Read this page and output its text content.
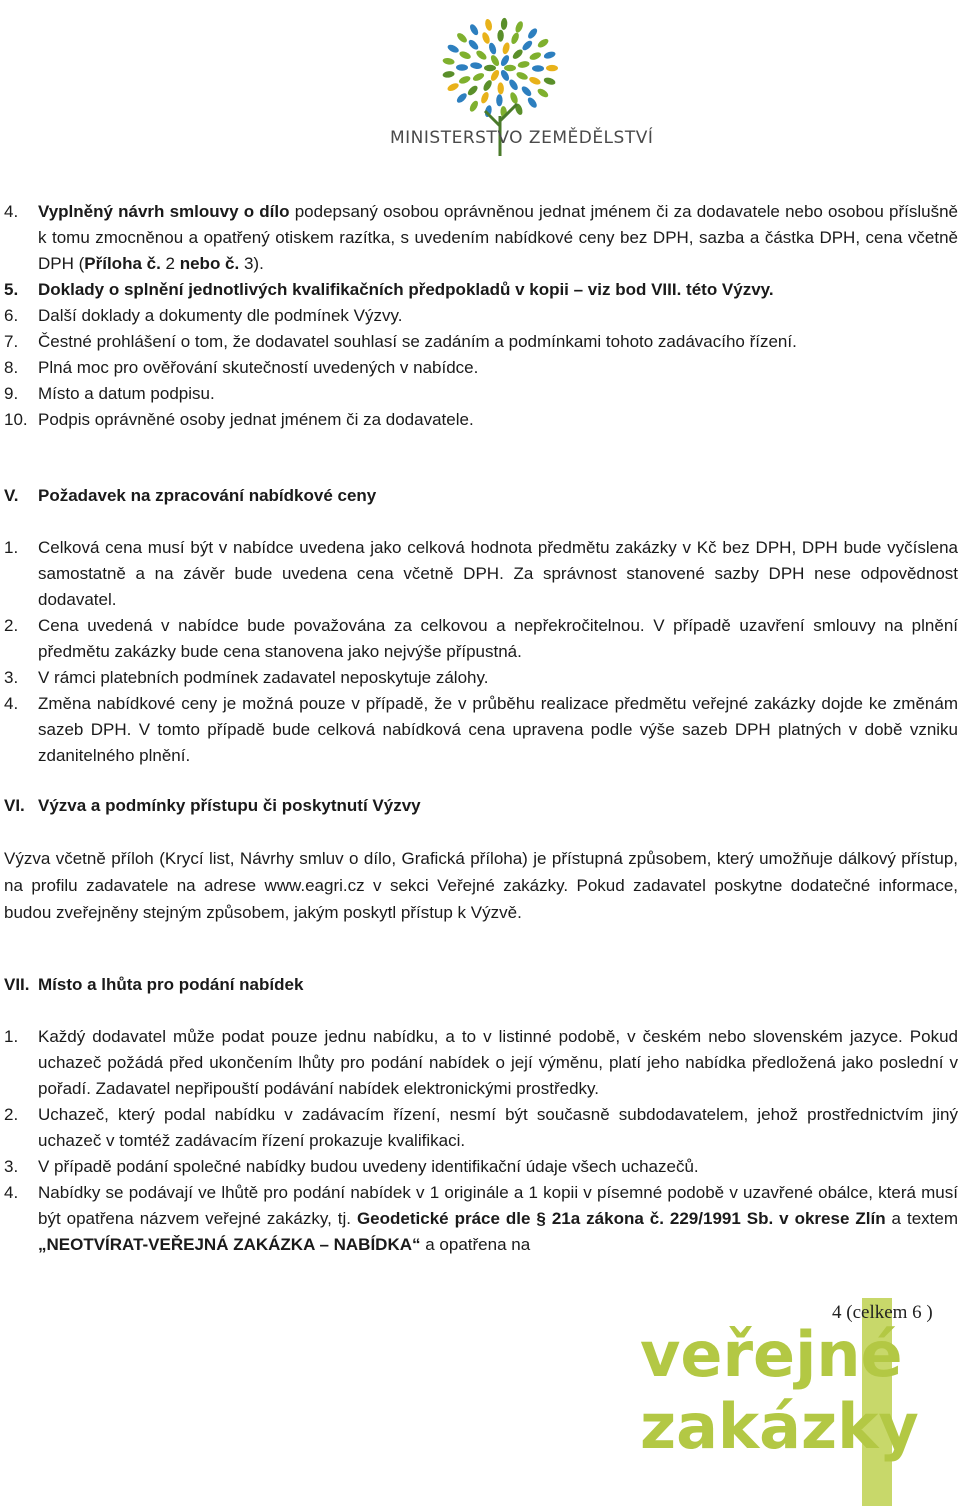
MINISTERSTVO ZEMĚDĚLSTVÍ
4. Vyplněný návrh smlouvy o dílo podepsaný osobou oprávněnou jednat jménem či za dodavatele nebo osobou příslušně k tomu zmocněnou a opatřený otiskem razítka, s uvedením nabídkové ceny bez DPH, sazba a částka DPH, cena včetně DPH (Příloha č. 2 nebo č. 3).
5. Doklady o splnění jednotlivých kvalifikačních předpokladů v kopii – viz bod VIII. této Výzvy.
6. Další doklady a dokumenty dle podmínek Výzvy.
7. Čestné prohlášení o tom, že dodavatel souhlasí se zadáním a podmínkami tohoto zadávacího řízení.
8. Plná moc pro ověřování skutečností uvedených v nabídce.
9. Místo a datum podpisu.
10. Podpis oprávněné osoby jednat jménem či za dodavatele.
V. Požadavek na zpracování nabídkové ceny
1. Celková cena musí být v nabídce uvedena jako celková hodnota předmětu zakázky v Kč bez DPH, DPH bude vyčíslena samostatně a na závěr bude uvedena cena včetně DPH. Za správnost stanovené sazby DPH nese odpovědnost dodavatel.
2. Cena uvedená v nabídce bude považována za celkovou a nepřekročitelnou. V případě uzavření smlouvy na plnění předmětu zakázky bude cena stanovena jako nejvýše přípustná.
3. V rámci platebních podmínek zadavatel neposkytuje zálohy.
4. Změna nabídkové ceny je možná pouze v případě, že v průběhu realizace předmětu veřejné zakázky dojde ke změnám sazeb DPH. V tomto případě bude celková nabídková cena upravena podle výše sazeb DPH platných v době vzniku zdanitelného plnění.
VI. Výzva a podmínky přístupu či poskytnutí Výzvy
Výzva včetně příloh (Krycí list, Návrhy smluv o dílo, Grafická příloha) je přístupná způsobem, který umožňuje dálkový přístup, na profilu zadavatele na adrese www.eagri.cz v sekci Veřejné zakázky. Pokud zadavatel poskytne dodatečné informace, budou zveřejněny stejným způsobem, jakým poskytl přístup k Výzvě.
VII. Místo a lhůta pro podání nabídek
1. Každý dodavatel může podat pouze jednu nabídku, a to v listinné podobě, v českém nebo slovenském jazyce. Pokud uchazeč požádá před ukončením lhůty pro podání nabídek o její výměnu, platí jeho nabídka předložená jako poslední v pořadí. Zadavatel nepřipouští podávání nabídek elektronickými prostředky.
2. Uchazeč, který podal nabídku v zadávacím řízení, nesmí být současně subdodavatelem, jehož prostřednictvím jiný uchazeč v tomtéž zadávacím řízení prokazuje kvalifikaci.
3. V případě podání společné nabídky budou uvedeny identifikační údaje všech uchazečů.
4. Nabídky se podávají ve lhůtě pro podání nabídek v 1 originále a 1 kopii v písemné podobě v uzavřené obálce, která musí být opatřena názvem veřejné zakázky, tj. Geodetické práce dle § 21a zákona č. 229/1991 Sb. v okrese Zlín a textem „NEOTVÍRAT-VEŘEJNÁ ZAKÁZKA – NABÍDKA“ a opatřena na
veřejné
zakázky
4 (celkem 6 )
